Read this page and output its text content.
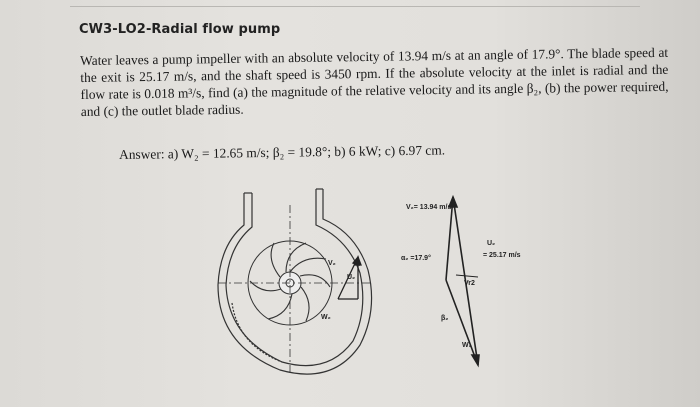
CW3-LO2-Radial flow pump
Water leaves a pump impeller with an absolute velocity of 13.94 m/s at an angle of 17.9°. The blade speed at the exit is 25.17 m/s, and the shaft speed is 3450 rpm. If the absolute velocity at the inlet is radial and the flow rate is 0.018 m³/s, find (a) the magnitude of the relative velocity and its angle β₂, (b) the power required, and (c) the outlet blade radius.
Answer: a) W₂ = 12.65 m/s; β₂ = 19.8°; b) 6 kW; c) 6.97 cm.
V₂
U₂
W₂
V₂= 13.94 m/s
α₂ =17.9°
U₂
= 25.17 m/s
Vr2
β₂
W₂
